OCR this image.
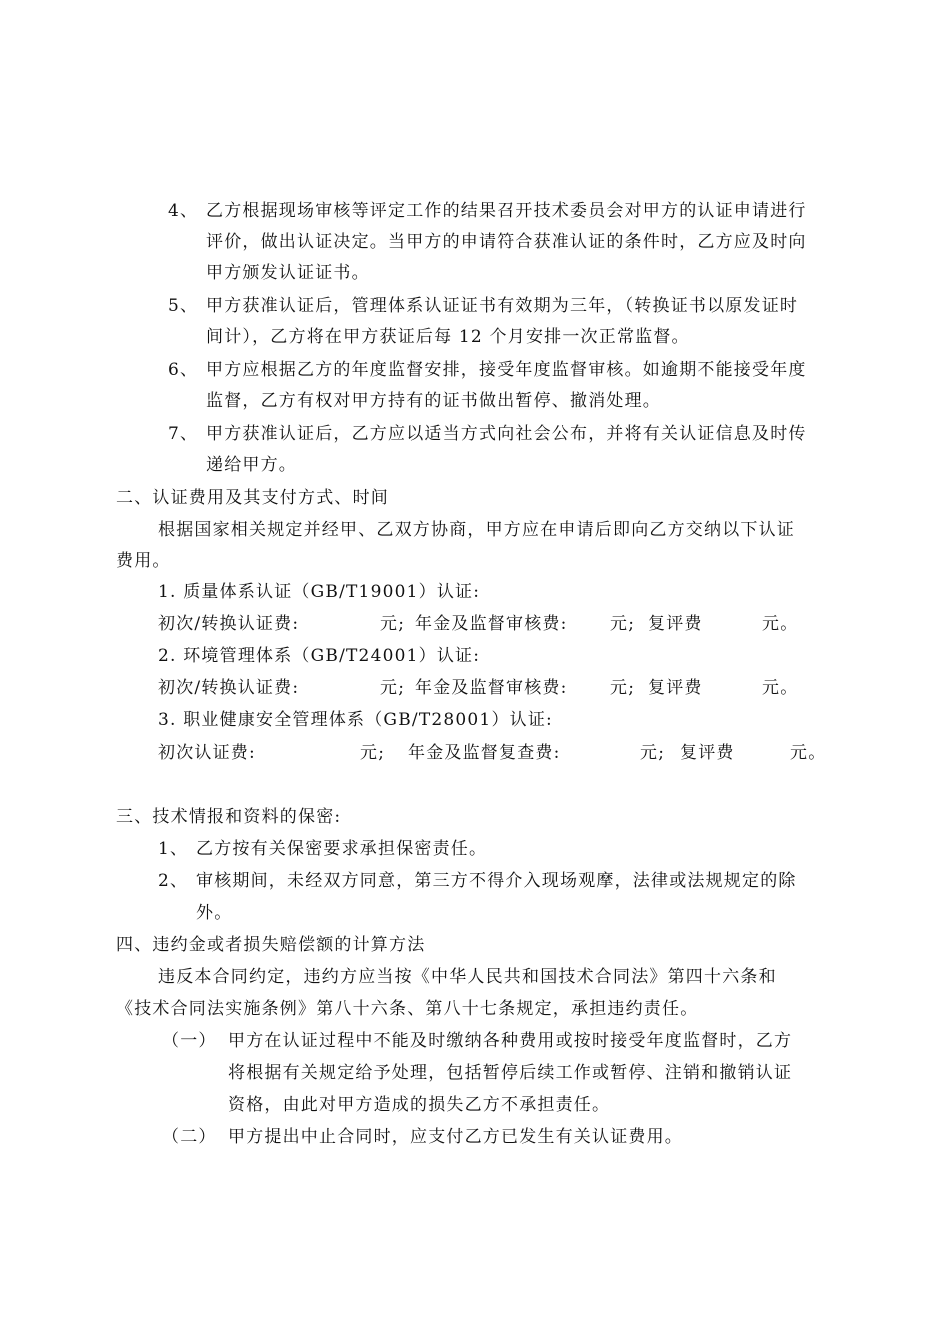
4、 乙方根据现场审核等评定工作的结果召开技术委员会对甲方的认证申请进行
评价，做出认证决定。当甲方的申请符合获准认证的条件时，乙方应及时向
甲方颁发认证证书。
5、 甲方获准认证后，管理体系认证证书有效期为三年，（转换证书以原发证时
间计），乙方将在甲方获证后每 12 个月安排一次正常监督。
6、 甲方应根据乙方的年度监督安排，接受年度监督审核。如逾期不能接受年度
监督，乙方有权对甲方持有的证书做出暂停、撤消处理。
7、 甲方获准认证后，乙方应以适当方式向社会公布，并将有关认证信息及时传
递给甲方。
二、认证费用及其支付方式、时间
根据国家相关规定并经甲、乙双方协商，甲方应在申请后即向乙方交纳以下认证
费用。
1. 质量体系认证（GB/T19001）认证:
初次/转换认证费:	元; 年金及监督审核费: 元; 复评费	元。
2. 环境管理体系（GB/T24001）认证:
初次/转换认证费:	元; 年金及监督审核费: 元; 复评费	元。
3. 职业健康安全管理体系（GB/T28001）认证:
初次认证费:	元; 年金及监督复查费:	元; 复评费	元。
三、技术情报和资料的保密:
1、 乙方按有关保密要求承担保密责任。
2、 审核期间，未经双方同意，第三方不得介入现场观摩，法律或法规规定的除
外。
四、违约金或者损失赔偿额的计算方法
违反本合同约定，违约方应当按《中华人民共和国技术合同法》第四十六条和
《技术合同法实施条例》第八十六条、第八十七条规定，承担违约责任。
（一） 甲方在认证过程中不能及时缴纳各种费用或按时接受年度监督时，乙方
将根据有关规定给予处理，包括暂停后续工作或暂停、注销和撤销认证
资格，由此对甲方造成的损失乙方不承担责任。
（二） 甲方提出中止合同时，应支付乙方已发生有关认证费用。
